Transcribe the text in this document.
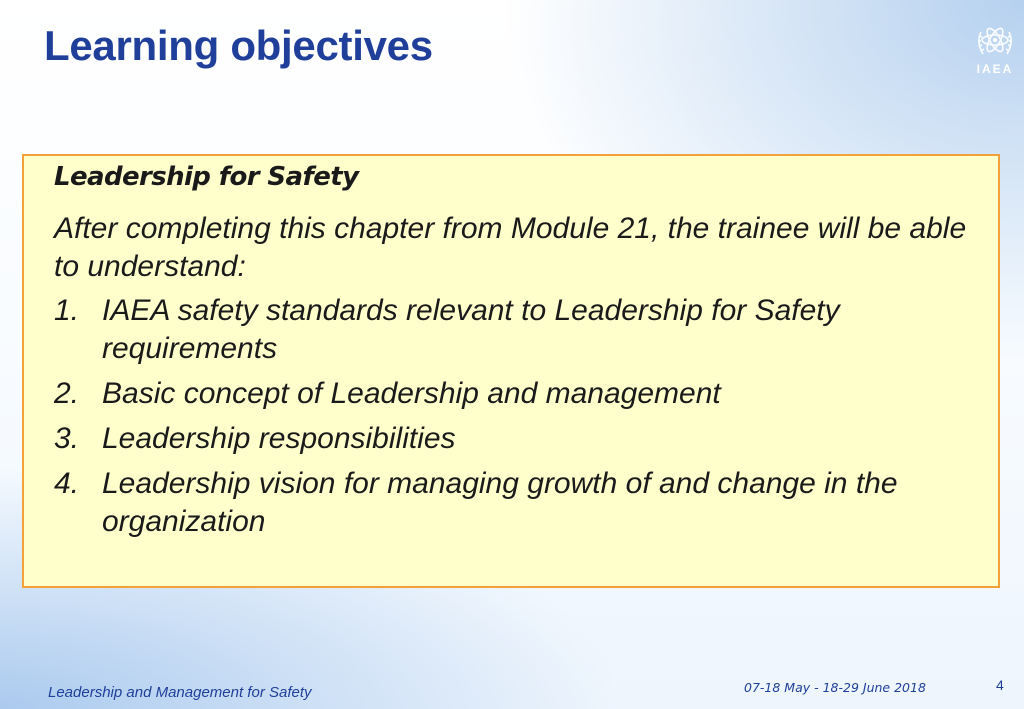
Learning objectives	IAEA
Leadership for Safety

After completing this chapter from Module 21, the trainee will be able to understand:

1. IAEA safety standards relevant to Leadership for Safety requirements
2. Basic concept of Leadership and management
3. Leadership responsibilities
4. Leadership vision for managing growth of and change in the organization
Leadership and Management for Safety	07-18 May - 18-29 June 2018	4
